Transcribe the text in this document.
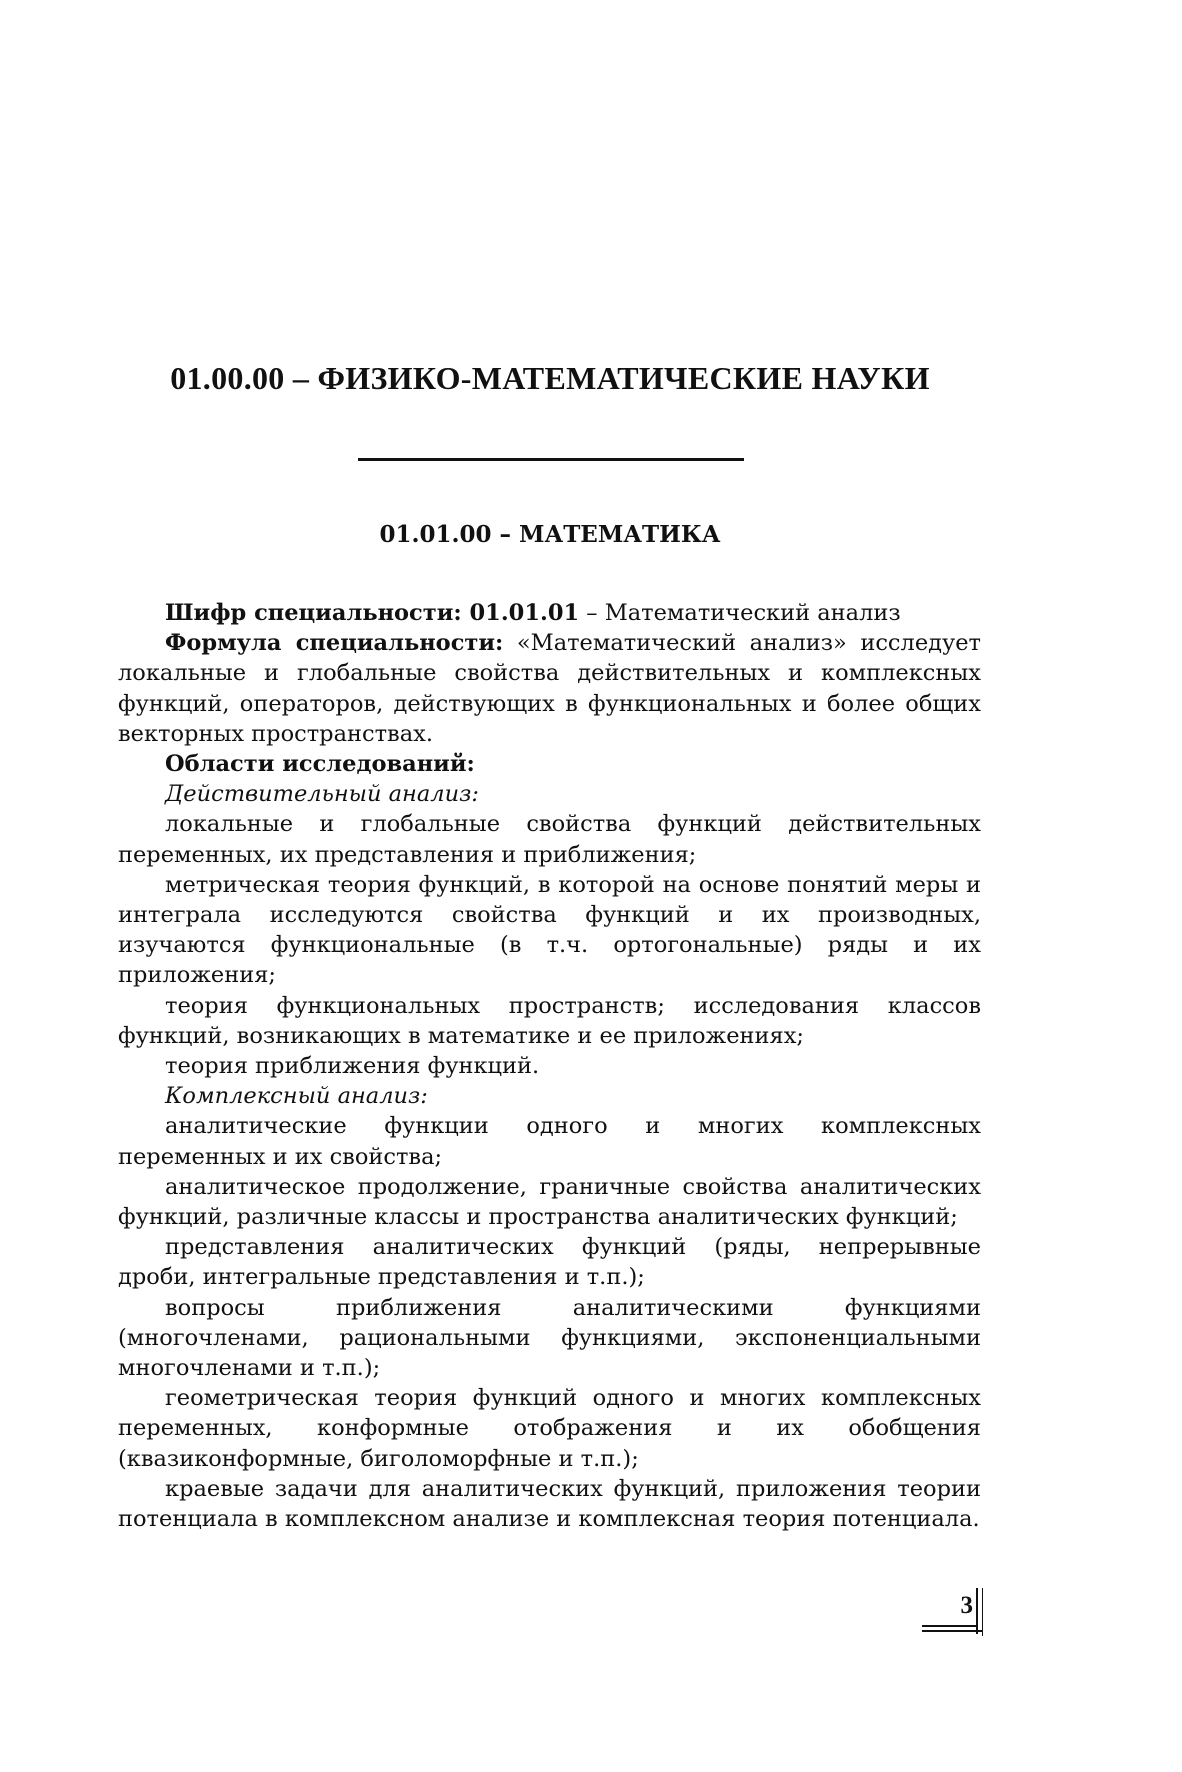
01.00.00 – ФИЗИКО-МАТЕМАТИЧЕСКИЕ НАУКИ
01.01.00 – МАТЕМАТИКА

Шифр специальности: 01.01.01 – Математический анализ

Формула специальности: «Математический анализ» исследует локальные и глобальные свойства действительных и комплексных функций, операторов, действующих в функциональных и более общих векторных пространствах.

Области исследований:

Действительный анализ:

локальные и глобальные свойства функций действительных переменных, их представления и приближения;

метрическая теория функций, в которой на основе понятий меры и интеграла исследуются свойства функций и их производных, изучаются функциональные (в т.ч. ортогональные) ряды и их приложения;

теория функциональных пространств; исследования классов функций, возникающих в математике и ее приложениях;

теория приближения функций.

Комплексный анализ:

аналитические функции одного и многих комплексных переменных и их свойства;

аналитическое продолжение, граничные свойства аналитических функций, различные классы и пространства аналитических функций;

представления аналитических функций (ряды, непрерывные дроби, интегральные представления и т.п.);

вопросы приближения аналитическими функциями (многочленами, рациональными функциями, экспоненциальными многочленами и т.п.);

геометрическая теория функций одного и многих комплексных переменных, конформные отображения и их обобщения (квазиконформные, биголоморфные и т.п.);

краевые задачи для аналитических функций, приложения теории потенциала в комплексном анализе и комплексная теория потенциала.

3
